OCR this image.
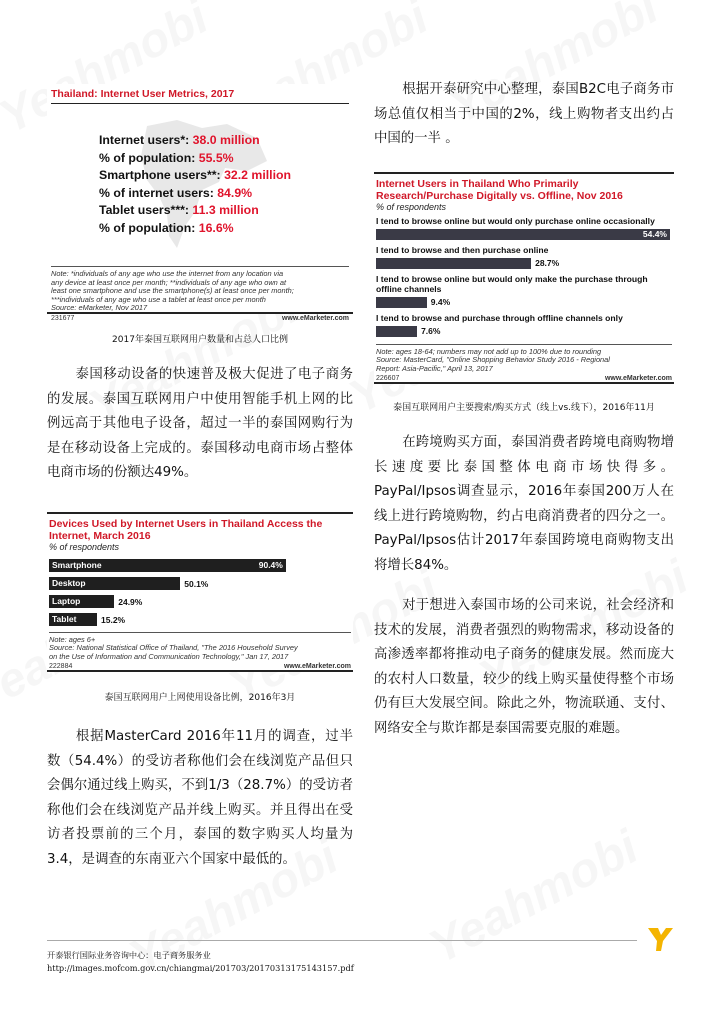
Thailand: Internet User Metrics, 2017
Internet users*: 38.0 million
% of population: 55.5%
Smartphone users**: 32.2 million
% of internet users: 84.9%
Tablet users***: 11.3 million
% of population: 16.6%
Note: *individuals of any age who use the internet from any location via
any device at least once per month; **individuals of any age who own at
least one smartphone and use the smartphone(s) at least once per month;
***individuals of any age who use a tablet at least once per month
Source: eMarketer, Nov 2017
231677	www.eMarketer.com
2017年泰国互联网用户数量和占总人口比例
泰国移动设备的快速普及极大促进了电子商务的发展。泰国互联网用户中使用智能手机上网的比例远高于其他电子设备，超过一半的泰国网购行为是在移动设备上完成的。泰国移动电商市场占整体电商市场的份额达49%。
Devices Used by Internet Users in Thailand Access the Internet, March 2016
% of respondents
Smartphone	90.4%
Desktop	50.1%
Laptop	24.9%
Tablet	15.2%
Note: ages 6+
Source: National Statistical Office of Thailand, "The 2016 Household Survey
on the Use of Information and Communication Technology," Jan 17, 2017
222884	www.eMarketer.com
泰国互联网用户上网使用设备比例，2016年3月
根据MasterCard 2016年11月的调查，过半数（54.4%）的受访者称他们会在线浏览产品但只会偶尔通过线上购买，不到1/3（28.7%）的受访者称他们会在线浏览产品并线上购买。并且得出在受访者投票前的三个月，泰国的数字购买人均量为3.4，是调查的东南亚六个国家中最低的。
根据开泰研究中心整理，泰国B2C电子商务市场总值仅相当于中国的2%，线上购物者支出约占中国的一半 。
Internet Users in Thailand Who Primarily Research/Purchase Digitally vs. Offline, Nov 2016
% of respondents
I tend to browse online but would only purchase online occasionally
54.4%
I tend to browse and then purchase online
28.7%
I tend to browse online but would only make the purchase through offline channels
9.4%
I tend to browse and purchase through offline channels only
7.6%
Note: ages 18-64; numbers may not add up to 100% due to rounding
Source: MasterCard, "Online Shopping Behavior Study 2016 - Regional
Report: Asia-Pacific," April 13, 2017
226607	www.eMarketer.com
泰国互联网用户主要搜索/购买方式（线上vs.线下），2016年11月
在跨境购买方面，泰国消费者跨境电商购物增长速度要比泰国整体电商市场快得多。PayPal/Ipsos调查显示，2016年泰国200万人在线上进行跨境购物，约占电商消费者的四分之一。PayPal/Ipsos估计2017年泰国跨境电商购物支出将增长84%。
对于想进入泰国市场的公司来说，社会经济和技术的发展，消费者强烈的购物需求，移动设备的高渗透率都将推动电子商务的健康发展。然而庞大的农村人口数量，较少的线上购买量使得整个市场仍有巨大发展空间。除此之外，物流联通、支付、网络安全与欺诈都是泰国需要克服的难题。
开泰银行国际业务咨询中心：电子商务服务业
http://images.mofcom.gov.cn/chiangmai/201703/20170313175143157.pdf
